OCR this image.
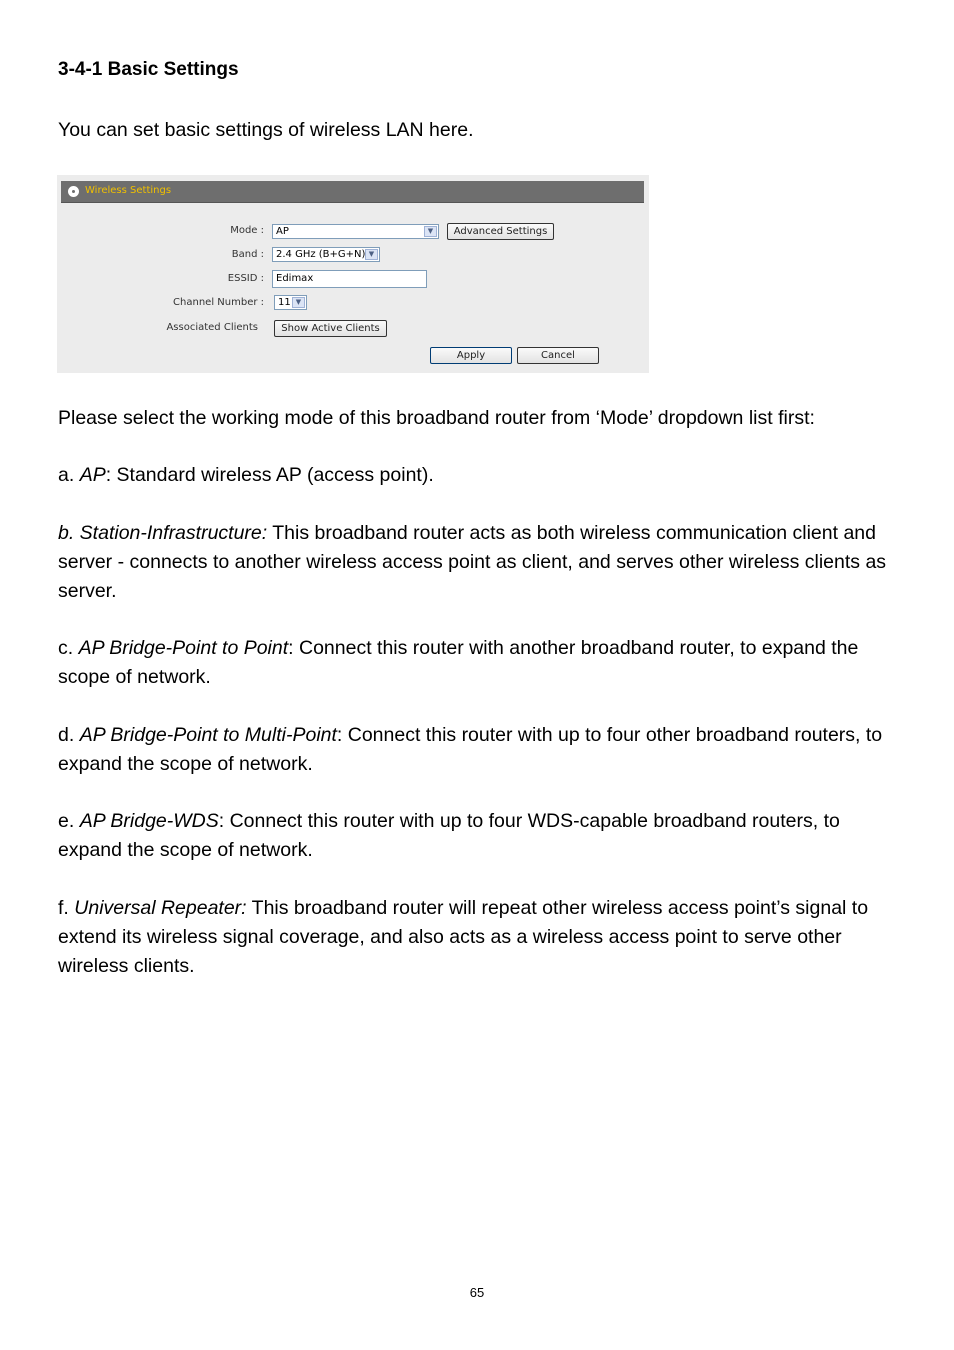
3-4-1 Basic Settings
You can set basic settings of wireless LAN here.
Wireless Settings
Mode : AP	▼	Advanced Settings
Band : 2.4 GHz (B+G+N) ▼
ESSID :	Edimax
Channel Number : 11 ▼
Associated Clients	Show Active Clients
Apply	Cancel
Please select the working mode of this broadband router from ‘Mode’ dropdown list first:
a. AP: Standard wireless AP (access point).
b. Station-Infrastructure: This broadband router acts as both wireless communication client and server - connects to another wireless access point as client, and serves other wireless clients as server.
c. AP Bridge-Point to Point: Connect this router with another broadband router, to expand the scope of network.
d. AP Bridge-Point to Multi-Point: Connect this router with up to four other broadband routers, to expand the scope of network.
e. AP Bridge-WDS: Connect this router with up to four WDS-capable broadband routers, to expand the scope of network.
f. Universal Repeater: This broadband router will repeat other wireless access point’s signal to extend its wireless signal coverage, and also acts as a wireless access point to serve other wireless clients.
65
